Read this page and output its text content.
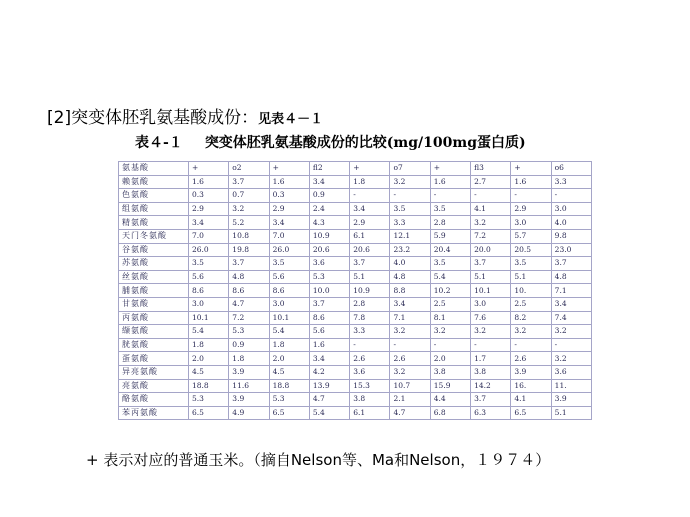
[2]突变体胚乳氨基酸成份：见表４－１
表４-１ 突变体胚乳氨基酸成份的比较(mg/100mg蛋白质)
氨基酸	+	o2	+	fl2	+	o7	+	fl3	+	o6
赖氨酸	1.6	3.7	1.6	3.4	1.8	3.2	1.6	2.7	1.6	3.3
色氨酸	0.3	0.7	0.3	0.9	-	-	-	-	-	-
组氨酸	2.9	3.2	2.9	2.4	3.4	3.5	3.5	4.1	2.9	3.0
精氨酸	3.4	5.2	3.4	4.3	2.9	3.3	2.8	3.2	3.0	4.0
天门冬氨酸	7.0	10.8	7.0	10.9	6.1	12.1	5.9	7.2	5.7	9.8
谷氨酸	26.0	19.8	26.0	20.6	20.6	23.2	20.4	20.0	20.5	23.0
苏氨酸	3.5	3.7	3.5	3.6	3.7	4.0	3.5	3.7	3.5	3.7
丝氨酸	5.6	4.8	5.6	5.3	5.1	4.8	5.4	5.1	5.1	4.8
脯氨酸	8.6	8.6	8.6	10.0	10.9	8.8	10.2	10.1	10.	7.1
甘氨酸	3.0	4.7	3.0	3.7	2.8	3.4	2.5	3.0	2.5	3.4
丙氨酸	10.1	7.2	10.1	8.6	7.8	7.1	8.1	7.6	8.2	7.4
缬氨酸	5.4	5.3	5.4	5.6	3.3	3.2	3.2	3.2	3.2	3.2
胱氨酸	1.8	0.9	1.8	1.6	-	-	-	-	-	-
蛋氨酸	2.0	1.8	2.0	3.4	2.6	2.6	2.0	1.7	2.6	3.2
异亮氨酸	4.5	3.9	4.5	4.2	3.6	3.2	3.8	3.8	3.9	3.6
亮氨酸	18.8	11.6	18.8	13.9	15.3	10.7	15.9	14.2	16.	11.
酪氨酸	5.3	3.9	5.3	4.7	3.8	2.1	4.4	3.7	4.1	3.9
苯丙氨酸	6.5	4.9	6.5	5.4	6.1	4.7	6.8	6.3	6.5	5.1
+ 表示对应的普通玉米。（摘自Nelson等、Ma和Nelson，１９７４）
